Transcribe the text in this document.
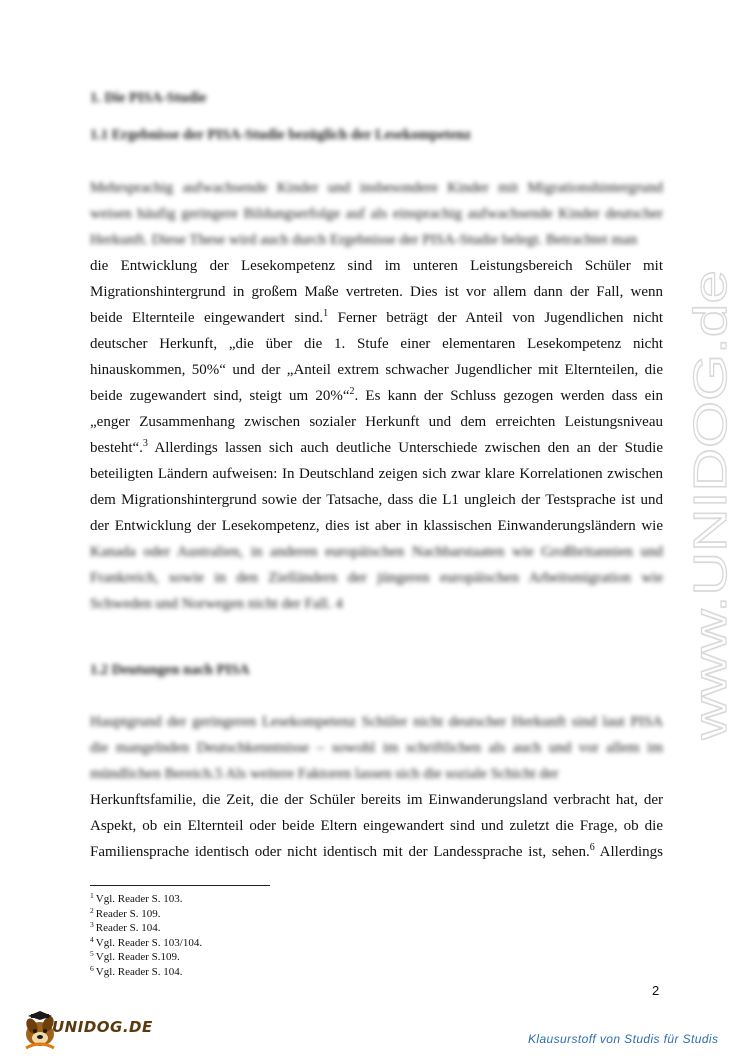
1. Die PISA-Studie
1.1 Ergebnisse der PISA-Studie bezüglich der Lesekompetenz
Mehrsprachig aufwachsende Kinder und insbesondere Kinder mit Migrationshintergrund
weisen häufig geringere Bildungserfolge auf als einsprachig aufwachsende Kinder deutscher
Herkunft. Diese These wird auch durch Ergebnisse der PISA-Studie belegt. Betrachtet man
die Entwicklung der Lesekompetenz sind im unteren Leistungsbereich Schüler mit
Migrationshintergrund in großem Maße vertreten. Dies ist vor allem dann der Fall, wenn
beide Elternteile eingewandert sind.$^1$ Ferner beträgt der Anteil von Jugendlichen nicht
deutscher Herkunft, „die über die 1. Stufe einer elementaren Lesekompetenz nicht
hinauskommen, 50%“ und der „Anteil extrem schwacher Jugendlicher mit Elternteilen, die
beide zugewandert sind, steigt um 20%“$^2$. Es kann der Schluss gezogen werden dass ein
„enger Zusammenhang zwischen sozialer Herkunft und dem erreichten Leistungsniveau
besteht“.$^3$ Allerdings lassen sich auch deutliche Unterschiede zwischen den an der Studie
beteiligten Ländern aufweisen: In Deutschland zeigen sich zwar klare Korrelationen zwischen
dem Migrationshintergrund sowie der Tatsache, dass die L1 ungleich der Testsprache ist und
der Entwicklung der Lesekompetenz, dies ist aber in klassischen Einwanderungsländern wie
Kanada oder Australien, in anderen europäischen Nachbarstaaten wie Großbritannien und
Frankreich, sowie in den Zielländern der jüngeren europäischen Arbeitsmigration wie
Schweden und Norwegen nicht der Fall. 4
1.2 Deutungen nach PISA
Hauptgrund der geringeren Lesekompetenz Schüler nicht deutscher Herkunft sind laut PISA
die mangelnden Deutschkenntnisse – sowohl im schriftlichen als auch und vor allem im
mündlichen Bereich.5 Als weitere Faktoren lassen sich die soziale Schicht der
Herkunftsfamilie, die Zeit, die der Schüler bereits im Einwanderungsland verbracht hat, der
Aspekt, ob ein Elternteil oder beide Eltern eingewandert sind und zuletzt die Frage, ob die
Familiensprache identisch oder nicht identisch mit der Landessprache ist, sehen.$^6$ Allerdings
$^1$ Vgl. Reader S. 103.
$^2$ Reader S. 109.
$^3$ Reader S. 104.
$^4$ Vgl. Reader S. 103/104.
$^5$ Vgl. Reader S.109.
$^6$ Vgl. Reader S. 104.
2
www.UNIDOG.de
UNIDOG.DE
Klausurstoff von Studis für Studis
